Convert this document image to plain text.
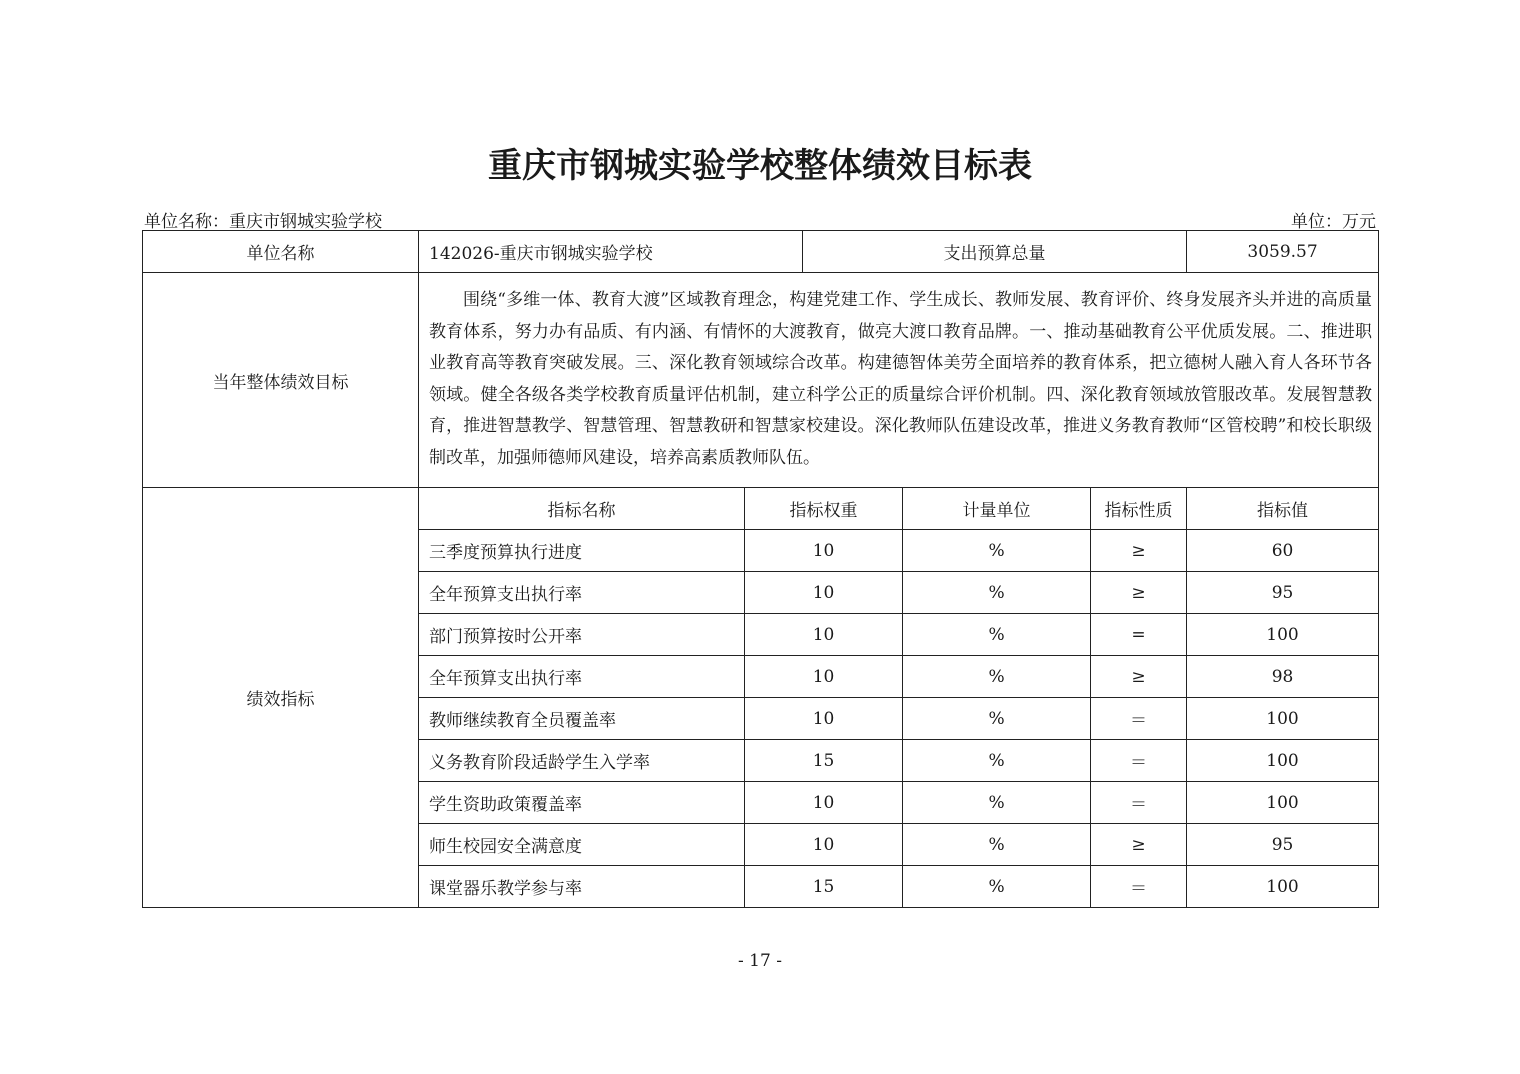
重庆市钢城实验学校整体绩效目标表
单位名称：重庆市钢城实验学校	单位：万元
单位名称	142026-重庆市钢城实验学校		支出预算总量			3059.57
当年整体绩效目标	围绕“多维一体、教育大渡”区域教育理念，构建党建工作、学生成长、教师发展、教育评价、终身发展齐头并进的高质量教育体系，努力办有品质、有内涵、有情怀的大渡教育，做亮大渡口教育品牌。一、推动基础教育公平优质发展。二、推进职业教育高等教育突破发展。三、深化教育领域综合改革。构建德智体美劳全面培养的教育体系，把立德树人融入育人各环节各领域。健全各级各类学校教育质量评估机制，建立科学公正的质量综合评价机制。四、深化教育领域放管服改革。发展智慧教育，推进智慧教学、智慧管理、智慧教研和智慧家校建设。深化教师队伍建设改革，推进义务教育教师“区管校聘”和校长职级制改革，加强师德师风建设，培养高素质教师队伍。					
绩效指标	指标名称	指标权重		计量单位	指标性质	指标值
	三季度预算执行进度	10		%	≥	60
	全年预算支出执行率	10		%	≥	95
	部门预算按时公开率	10		%	=	100
	全年预算支出执行率	10		%	≥	98
	教师继续教育全员覆盖率	10		%	＝	100
	义务教育阶段适龄学生入学率	15		%	＝	100
	学生资助政策覆盖率	10		%	＝	100
	师生校园安全满意度	10		%	≥	95
	课堂器乐教学参与率	15		%	＝	100
- 17 -
